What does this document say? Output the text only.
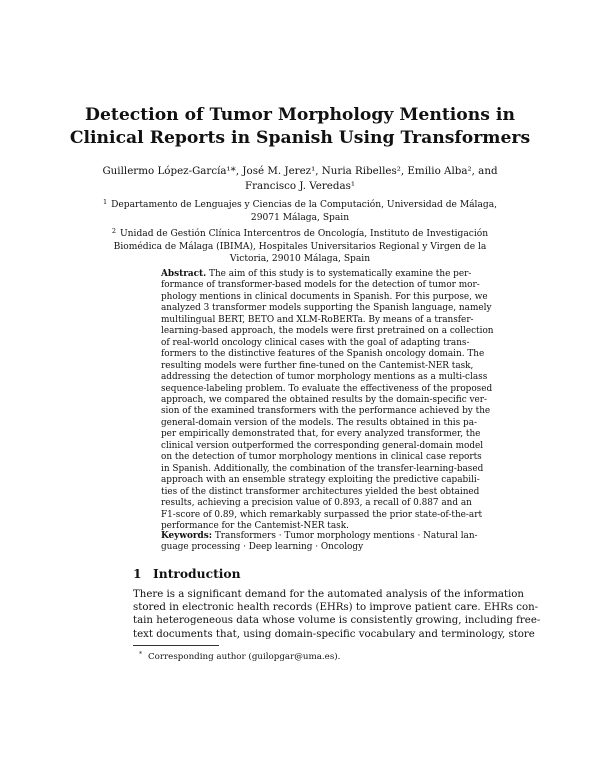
Detection of Tumor Morphology Mentions in
Clinical Reports in Spanish Using Transformers
Guillermo López-García¹*, José M. Jerez¹, Nuria Ribelles², Emilio Alba², and
Francisco J. Veredas¹
$^1$ Departamento de Lenguajes y Ciencias de la Computación, Universidad de Málaga,
29071 Málaga, Spain
$^2$ Unidad de Gestión Clínica Intercentros de Oncología, Instituto de Investigación
Biomédica de Málaga (IBIMA), Hospitales Universitarios Regional y Virgen de la
Victoria, 29010 Málaga, Spain
Abstract. The aim of this study is to systematically examine the per-
formance of transformer-based models for the detection of tumor mor-
phology mentions in clinical documents in Spanish. For this purpose, we
analyzed 3 transformer models supporting the Spanish language, namely
multilingual BERT, BETO and XLM-RoBERTa. By means of a transfer-
learning-based approach, the models were first pretrained on a collection
of real-world oncology clinical cases with the goal of adapting trans-
formers to the distinctive features of the Spanish oncology domain. The
resulting models were further fine-tuned on the Cantemist-NER task,
addressing the detection of tumor morphology mentions as a multi-class
sequence-labeling problem. To evaluate the effectiveness of the proposed
approach, we compared the obtained results by the domain-specific ver-
sion of the examined transformers with the performance achieved by the
general-domain version of the models. The results obtained in this pa-
per empirically demonstrated that, for every analyzed transformer, the
clinical version outperformed the corresponding general-domain model
on the detection of tumor morphology mentions in clinical case reports
in Spanish. Additionally, the combination of the transfer-learning-based
approach with an ensemble strategy exploiting the predictive capabili-
ties of the distinct transformer architectures yielded the best obtained
results, achieving a precision value of 0.893, a recall of 0.887 and an
F1-score of 0.89, which remarkably surpassed the prior state-of-the-art
performance for the Cantemist-NER task.
Keywords: Transformers · Tumor morphology mentions · Natural lan-
guage processing · Deep learning · Oncology
1 Introduction
There is a significant demand for the automated analysis of the information
stored in electronic health records (EHRs) to improve patient care. EHRs con-
tain heterogeneous data whose volume is consistently growing, including free-
text documents that, using domain-specific vocabulary and terminology, store
* Corresponding author (guilopgar@uma.es).
